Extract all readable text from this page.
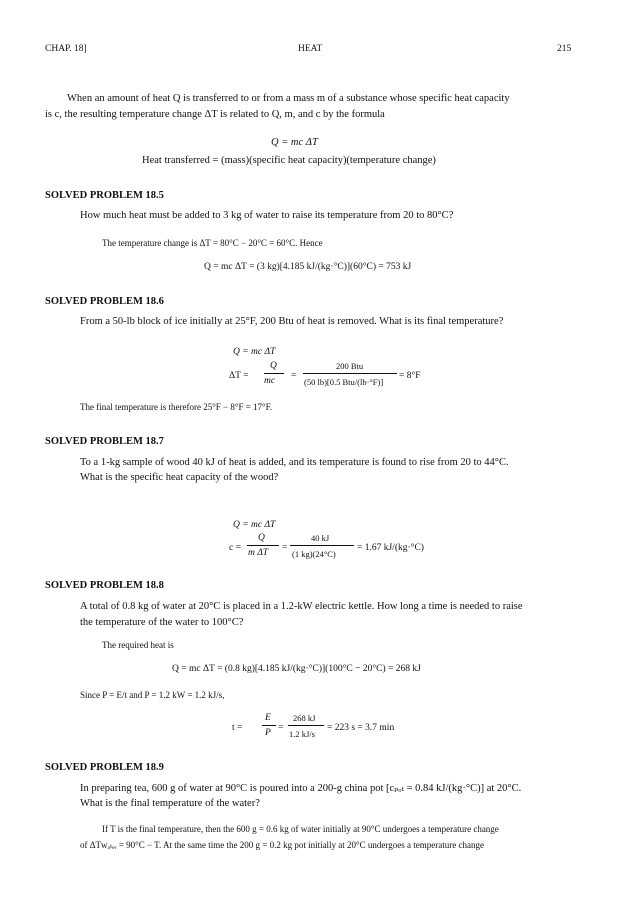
CHAP. 18]	HEAT	215
When an amount of heat Q is transferred to or from a mass m of a substance whose specific heat capacity
is c, the resulting temperature change ΔT is related to Q, m, and c by the formula
Q = mc ΔT
Heat transferred = (mass)(specific heat capacity)(temperature change)
SOLVED PROBLEM 18.5
How much heat must be added to 3 kg of water to raise its temperature from 20 to 80°C?
The temperature change is ΔT = 80°C − 20°C = 60°C. Hence
Q = mc ΔT = (3 kg)[4.185 kJ/(kg·°C)](60°C) = 753 kJ
SOLVED PROBLEM 18.6
From a 50-lb block of ice initially at 25°F, 200 Btu of heat is removed. What is its final temperature?
Q = mc ΔT
ΔT =
Q
mc =
200 Btu
(50 lb)[0.5 Btu/(lb·°F)]
= 8°F
The final temperature is therefore 25°F − 8°F = 17°F.
SOLVED PROBLEM 18.7
To a 1-kg sample of wood 40 kJ of heat is added, and its temperature is found to rise from 20 to 44°C.
What is the specific heat capacity of the wood?
Q = mc ΔT
c =
Q
m ΔT =
40 kJ
(1 kg)(24°C)
= 1.67 kJ/(kg·°C)
SOLVED PROBLEM 18.8
A total of 0.8 kg of water at 20°C is placed in a 1.2-kW electric kettle. How long a time is needed to raise
the temperature of the water to 100°C?
The required heat is
Q = mc ΔT = (0.8 kg)[4.185 kJ/(kg·°C)](100°C − 20°C) = 268 kJ
Since P = E/t and P = 1.2 kW = 1.2 kJ/s,
t =
E
P =
268 kJ
1.2 kJ/s
= 223 s = 3.7 min
SOLVED PROBLEM 18.9
In preparing tea, 600 g of water at 90°C is poured into a 200-g china pot [cₚₒₜ = 0.84 kJ/(kg·°C)] at 20°C.
What is the final temperature of the water?
If T is the final temperature, then the 600 g = 0.6 kg of water initially at 90°C undergoes a temperature change
of ΔTᴡₐₜₑᵣ = 90°C − T. At the same time the 200 g = 0.2 kg pot initially at 20°C undergoes a temperature change
